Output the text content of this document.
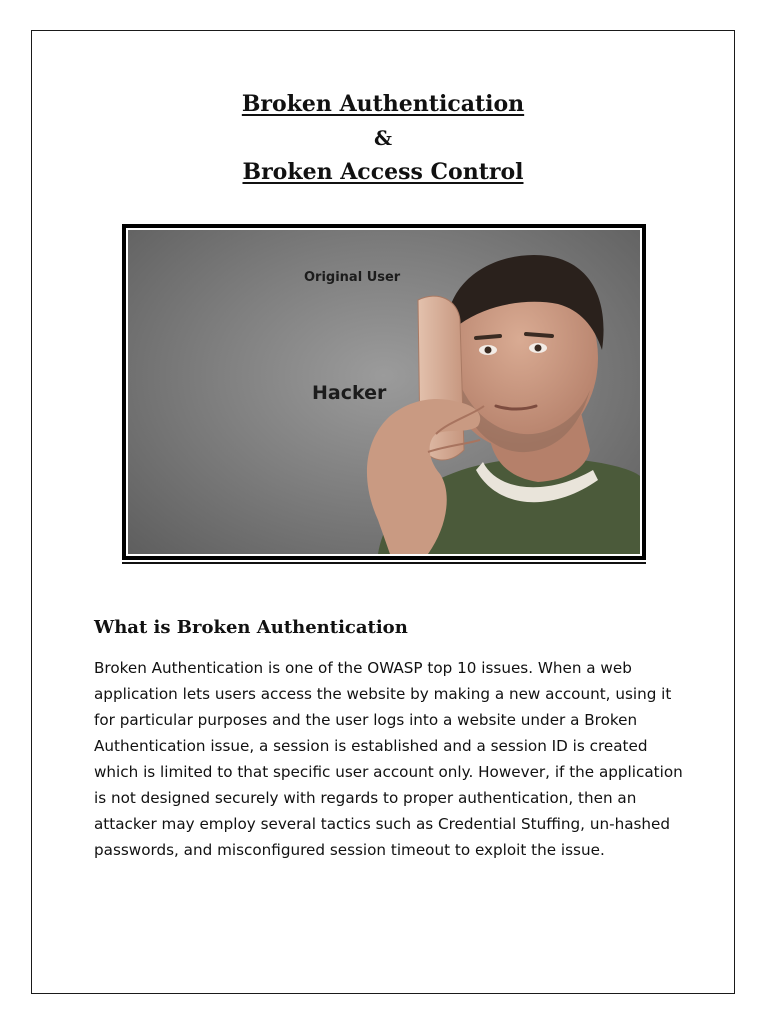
Broken Authentication
&
Broken Access Control
Original User
Hacker
What is Broken Authentication

Broken Authentication is one of the OWASP top 10 issues. When a web application lets users access the website by making a new account, using it for particular purposes and the user logs into a website under a Broken Authentication issue, a session is established and a session ID is created which is limited to that specific user account only. However, if the application is not designed securely with regards to proper authentication, then an attacker may employ several tactics such as Credential Stuffing, un-hashed passwords, and misconfigured session timeout to exploit the issue.
